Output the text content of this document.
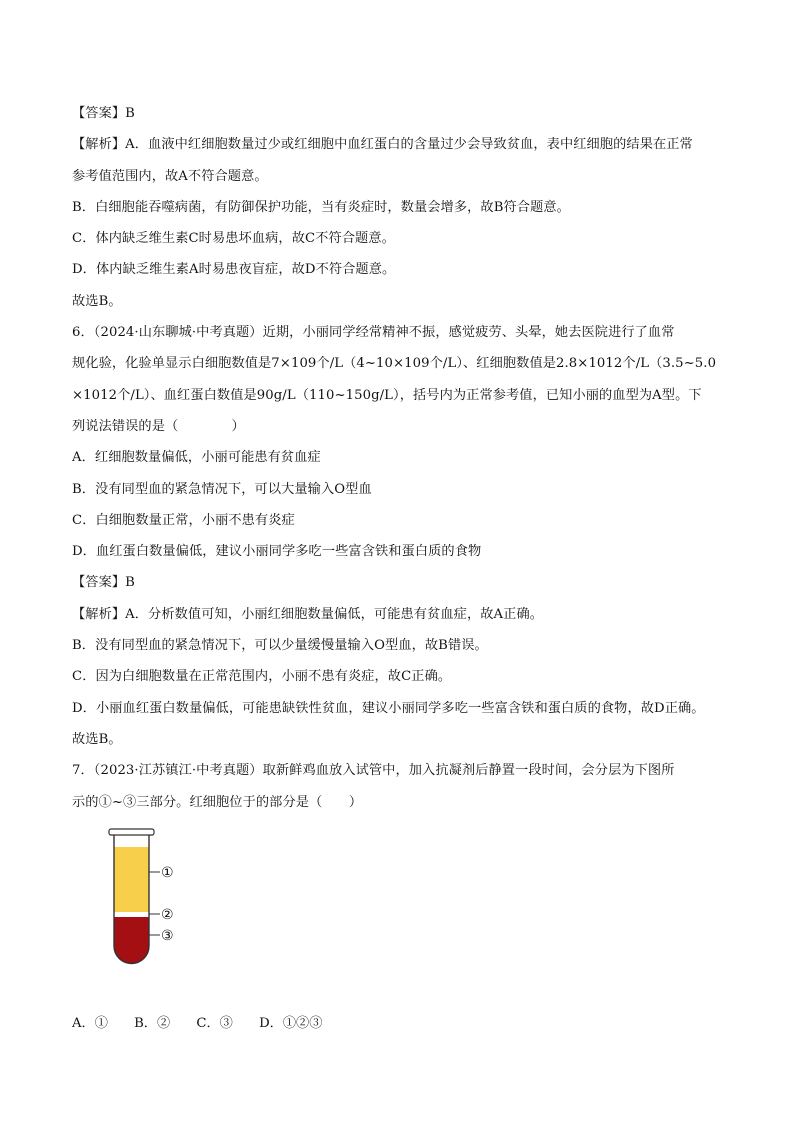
【答案】B
【解析】A．血液中红细胞数量过少或红细胞中血红蛋白的含量过少会导致贫血，表中红细胞的结果在正常
参考值范围内，故A不符合题意。
B．白细胞能吞噬病菌，有防御保护功能，当有炎症时，数量会增多，故B符合题意。
C．体内缺乏维生素C时易患坏血病，故C不符合题意。
D．体内缺乏维生素A时易患夜盲症，故D不符合题意。
故选B。
6．（2024·山东聊城·中考真题）近期，小丽同学经常精神不振，感觉疲劳、头晕，她去医院进行了血常
规化验，化验单显示白细胞数值是7×109个/L（4~10×109个/L）、红细胞数值是2.8×1012个/L（3.5~5.0
×1012个/L）、血红蛋白数值是90g/L（110~150g/L），括号内为正常参考值，已知小丽的血型为A型。下
列说法错误的是（　　　　）
A．红细胞数量偏低，小丽可能患有贫血症
B．没有同型血的紧急情况下，可以大量输入O型血
C．白细胞数量正常，小丽不患有炎症
D．血红蛋白数量偏低，建议小丽同学多吃一些富含铁和蛋白质的食物
【答案】B
【解析】A．分析数值可知，小丽红细胞数量偏低，可能患有贫血症，故A正确。
B．没有同型血的紧急情况下，可以少量缓慢量输入O型血，故B错误。
C．因为白细胞数量在正常范围内，小丽不患有炎症，故C正确。
D．小丽血红蛋白数量偏低，可能患缺铁性贫血，建议小丽同学多吃一些富含铁和蛋白质的食物，故D正确。
故选B。
7．（2023·江苏镇江·中考真题）取新鲜鸡血放入试管中，加入抗凝剂后静置一段时间，会分层为下图所
示的①~③三部分。红细胞位于的部分是（　　）
①
②
③
A．① B．② C．③ D．①②③
